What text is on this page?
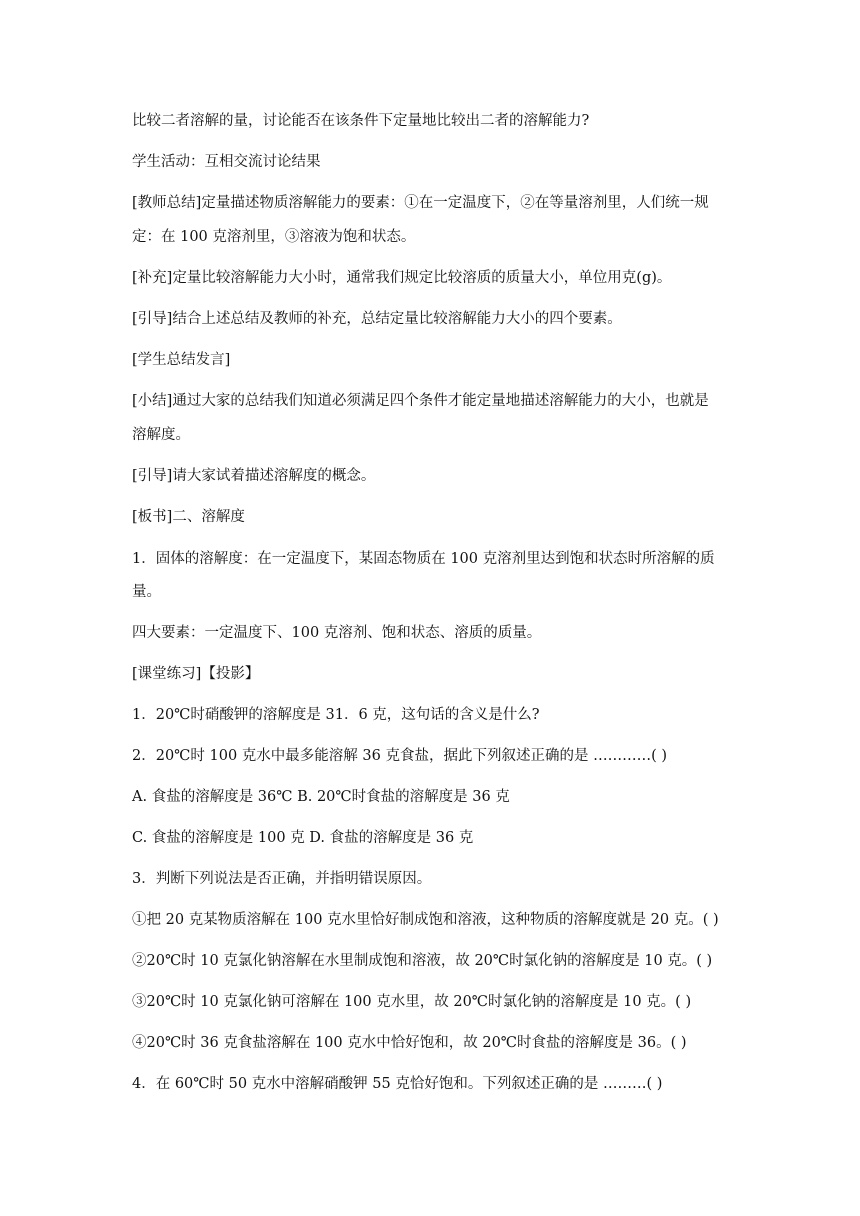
比较二者溶解的量，讨论能否在该条件下定量地比较出二者的溶解能力?
学生活动：互相交流讨论结果
[教师总结]定量描述物质溶解能力的要素：①在一定温度下，②在等量溶剂里，人们统一规
定：在 100 克溶剂里，③溶液为饱和状态。
[补充]定量比较溶解能力大小时，通常我们规定比较溶质的质量大小，单位用克(g)。
[引导]结合上述总结及教师的补充，总结定量比较溶解能力大小的四个要素。
[学生总结发言]
[小结]通过大家的总结我们知道必须满足四个条件才能定量地描述溶解能力的大小，也就是
溶解度。
[引导]请大家试着描述溶解度的概念。
[板书]二、溶解度
1．固体的溶解度：在一定温度下，某固态物质在 100 克溶剂里达到饱和状态时所溶解的质
量。
四大要素：一定温度下、100 克溶剂、饱和状态、溶质的质量。
[课堂练习]【投影】
1．20℃时硝酸钾的溶解度是 31．6 克，这句话的含义是什么?
2．20℃时 100 克水中最多能溶解 36 克食盐，据此下列叙述正确的是 …………( )
A. 食盐的溶解度是 36℃ B. 20℃时食盐的溶解度是 36 克
C. 食盐的溶解度是 100 克 D. 食盐的溶解度是 36 克
3．判断下列说法是否正确，并指明错误原因。
①把 20 克某物质溶解在 100 克水里恰好制成饱和溶液，这种物质的溶解度就是 20 克。( )
②20℃时 10 克氯化钠溶解在水里制成饱和溶液，故 20℃时氯化钠的溶解度是 10 克。( )
③20℃时 10 克氯化钠可溶解在 100 克水里，故 20℃时氯化钠的溶解度是 10 克。( )
④20℃时 36 克食盐溶解在 100 克水中恰好饱和，故 20℃时食盐的溶解度是 36。( )
4．在 60℃时 50 克水中溶解硝酸钾 55 克恰好饱和。下列叙述正确的是 ………( )
